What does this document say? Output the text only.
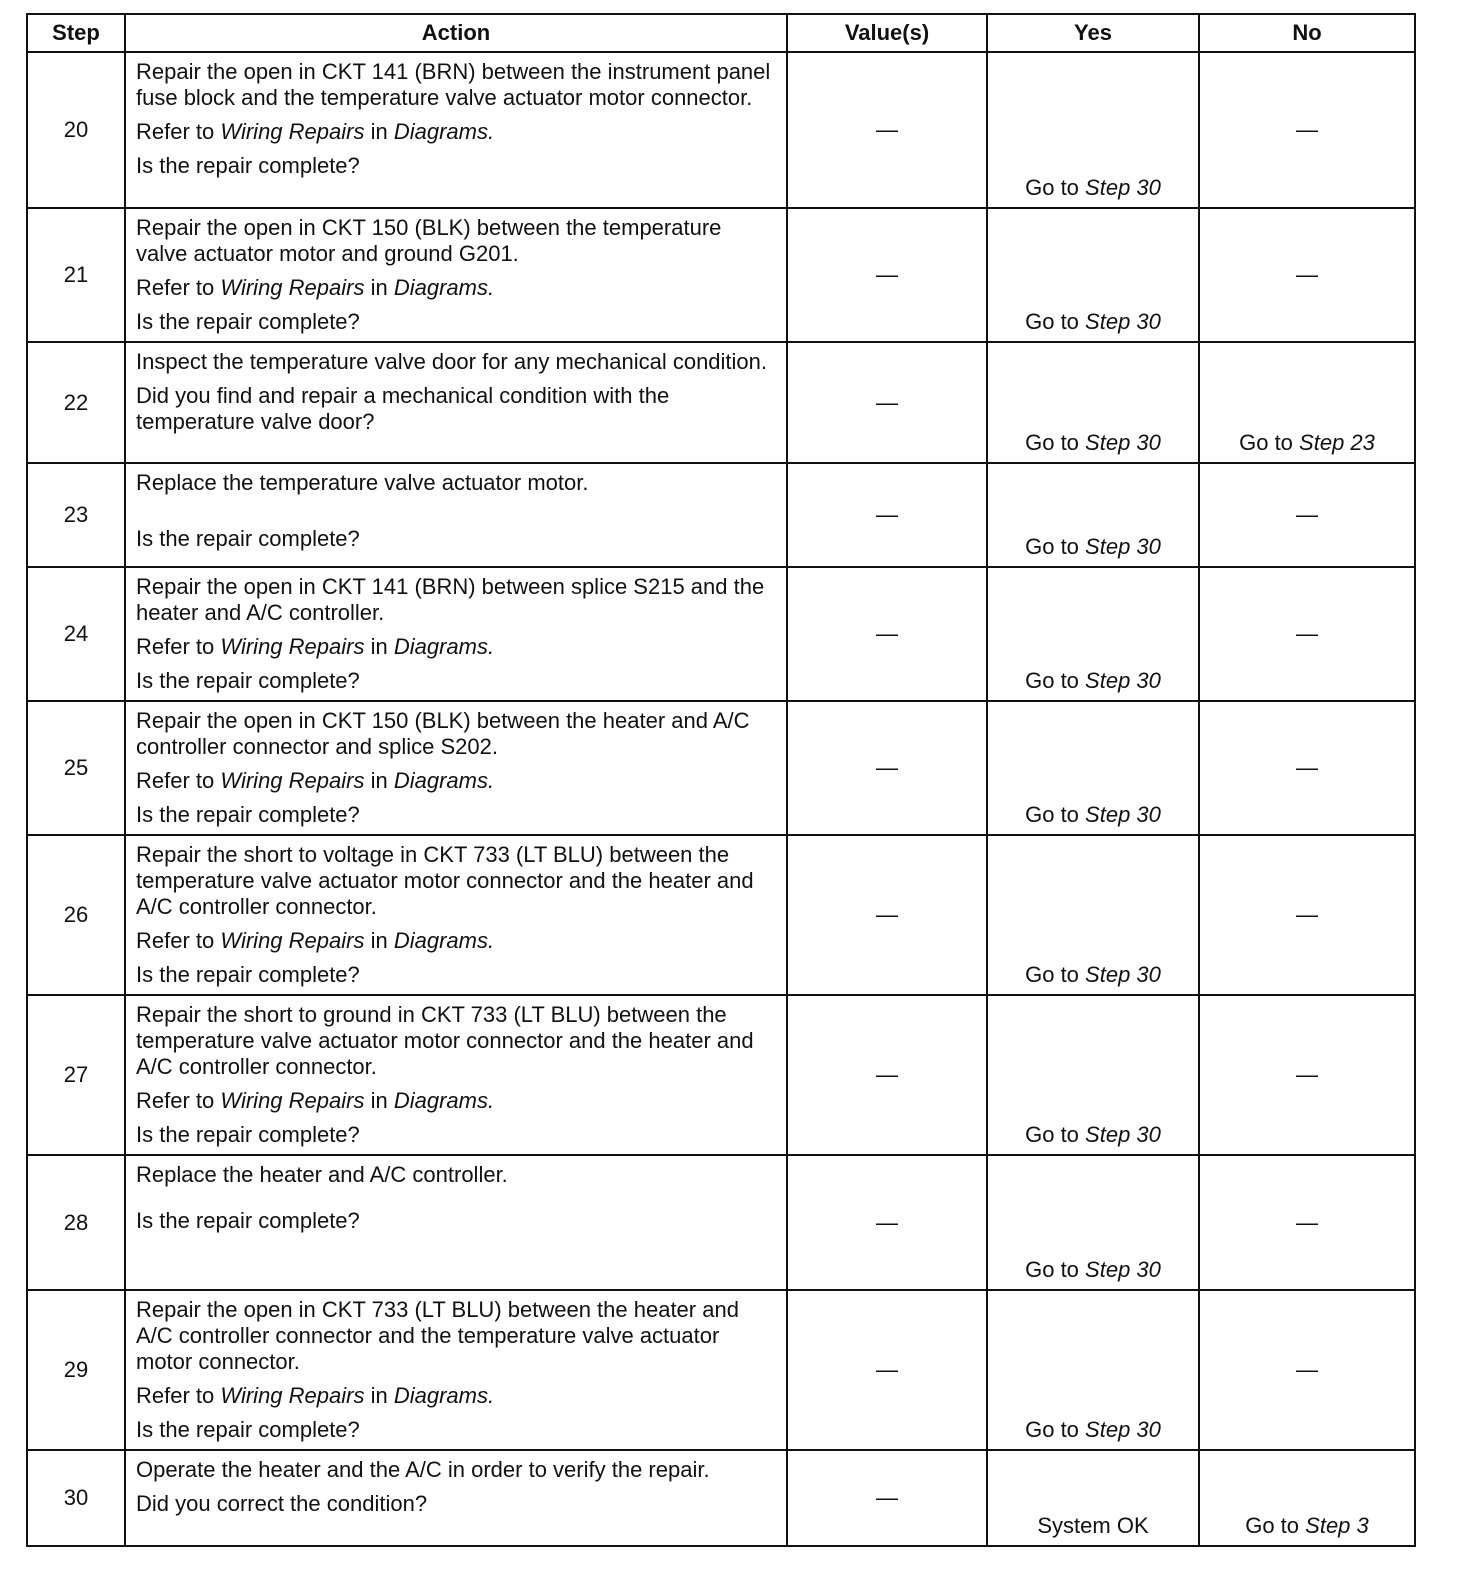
Step	Action	Value(s)	Yes	No
20	Repair the open in CKT 141 (BRN) between the instrument panel fuse block and the temperature valve actuator motor connector.

Refer to Wiring Repairs in Diagrams.

Is the repair complete?	—	Go to Step 30	—

21	Repair the open in CKT 150 (BLK) between the temperature valve actuator motor and ground G201.

Refer to Wiring Repairs in Diagrams.

Is the repair complete?	—	Go to Step 30	—

22	Inspect the temperature valve door for any mechanical condition.

Did you find and repair a mechanical condition with the temperature valve door?	—	Go to Step 30	Go to Step 23

23	Replace the temperature valve actuator motor.

Is the repair complete?	—	Go to Step 30	—

24	Repair the open in CKT 141 (BRN) between splice S215 and the heater and A/C controller.

Refer to Wiring Repairs in Diagrams.

Is the repair complete?	—	Go to Step 30	—

25	Repair the open in CKT 150 (BLK) between the heater and A/C controller connector and splice S202.

Refer to Wiring Repairs in Diagrams.

Is the repair complete?	—	Go to Step 30	—

26	Repair the short to voltage in CKT 733 (LT BLU) between the temperature valve actuator motor connector and the heater and A/C controller connector.

Refer to Wiring Repairs in Diagrams.

Is the repair complete?	—	Go to Step 30	—

27	Repair the short to ground in CKT 733 (LT BLU) between the temperature valve actuator motor connector and the heater and A/C controller connector.

Refer to Wiring Repairs in Diagrams.

Is the repair complete?	—	Go to Step 30	—

28	Replace the heater and A/C controller.

Is the repair complete?	—	Go to Step 30	—

29	Repair the open in CKT 733 (LT BLU) between the heater and A/C controller connector and the temperature valve actuator motor connector.

Refer to Wiring Repairs in Diagrams.

Is the repair complete?	—	Go to Step 30	—

30	Operate the heater and the A/C in order to verify the repair.

Did you correct the condition?	—	System OK	Go to Step 3
